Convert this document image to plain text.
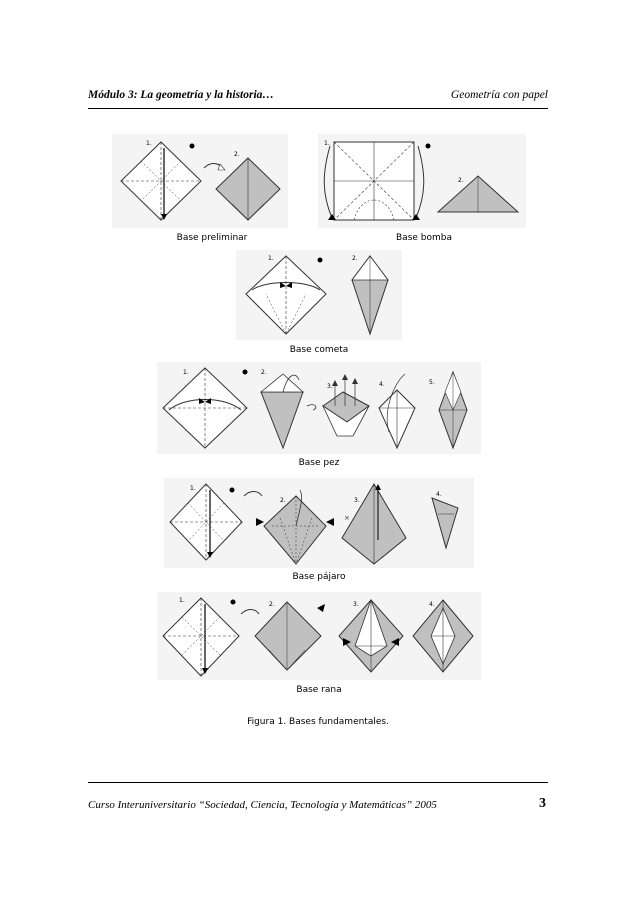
Módulo 3: La geometría y la historia…	Geometría con papel
1.
2.
1.
2.
Base preliminar	Base bomba
1.	2.
Base cometa
1.	2.
3.	4.	5.
Base pez
1.
2.	3.
×
4.
Base pájaro
1.
2.	3.	4.
Base rana
Figura 1. Bases fundamentales.
Curso Interuniversitario “Sociedad, Ciencia, Tecnología y Matemáticas” 2005	3
